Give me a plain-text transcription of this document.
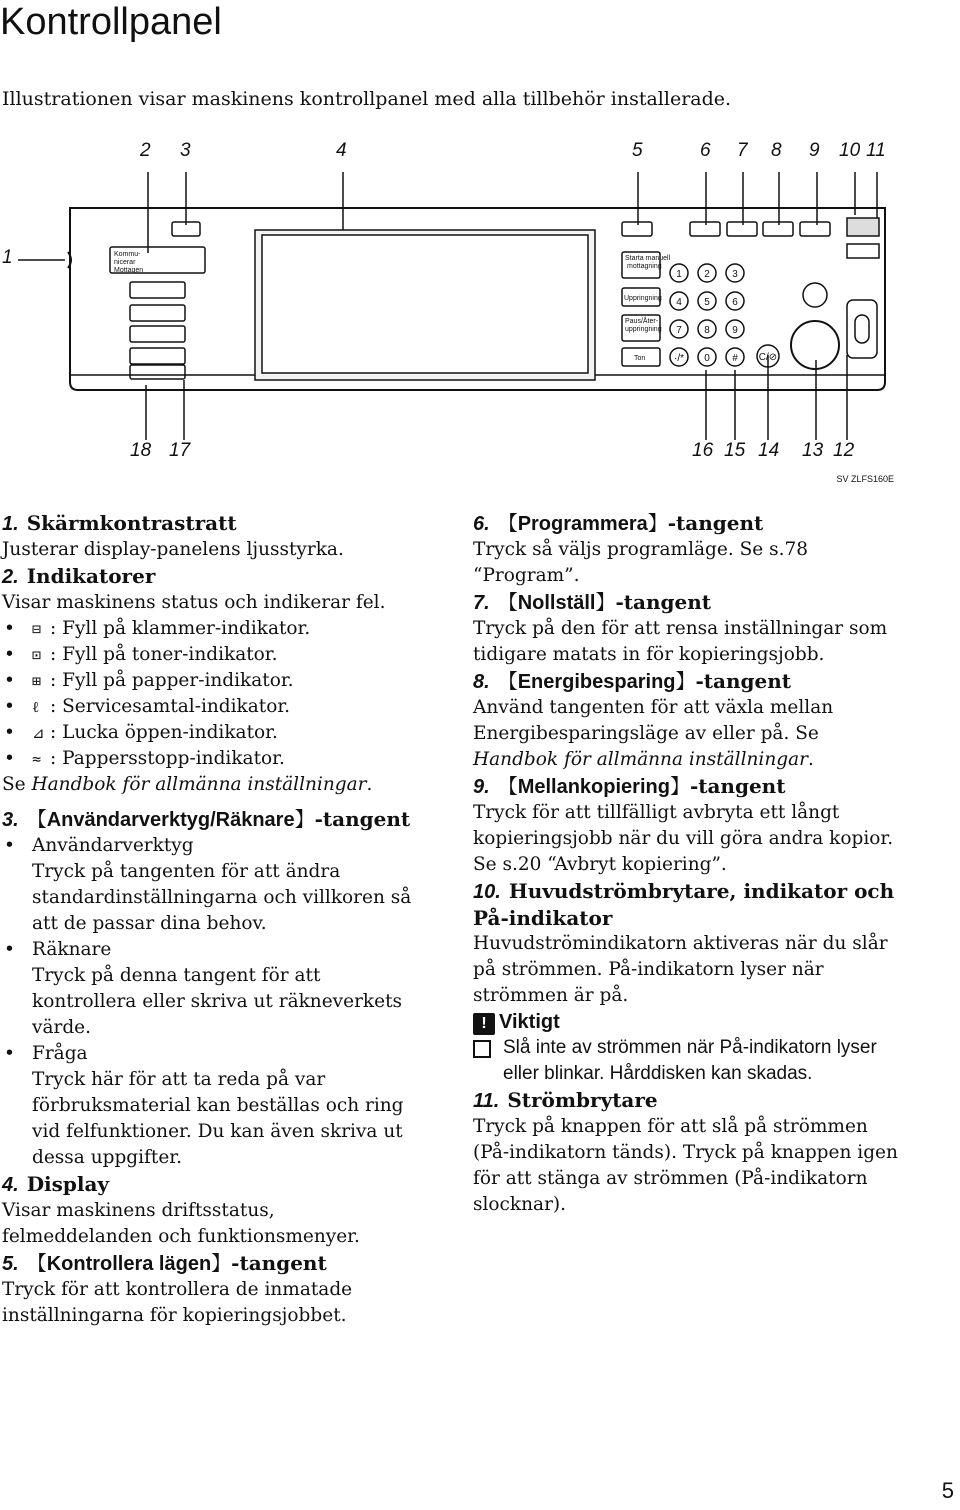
Kontrollpanel
Illustrationen visar maskinens kontrollpanel med alla tillbehör installerade.
2 3	4	5	6 7 8 9 10 11
1
18 17	16 15 14 13 12
Kommu-
nicerar
Mottagen
Starta manuell
mottagning
Uppringning
Paus/Åter-
uppringning
Ton
1 2 3
4 5 6
7 8 9
·/* 0 # C/⊘
SV ZLFS160E

1. Skärmkontrastratt

Justerar display-panelens ljusstyrka.

2. Indikatorer

Visar maskinens status och indikerar fel.

• ⊟ : Fyll på klammer-indikator.

• ⊡ : Fyll på toner-indikator.

• ⊞ : Fyll på papper-indikator.

• ℓ : Servicesamtal-indikator.

• ⊿ : Lucka öppen-indikator.

• ≈ : Pappersstopp-indikator.

Se Handbok för allmänna inställningar.

3. 【Användarverktyg/Räknare】-tangent

• Användarverktyg

Tryck på tangenten för att ändra standardinställningarna och villkoren så att de passar dina behov.

• Räknare

Tryck på denna tangent för att kontrollera eller skriva ut räkneverkets värde.

• Fråga

Tryck här för att ta reda på var förbruksmaterial kan beställas och ring vid felfunktioner. Du kan även skriva ut dessa uppgifter.

4. Display

Visar maskinens driftsstatus, felmeddelanden och funktionsmenyer.

5. 【Kontrollera lägen】-tangent

Tryck för att kontrollera de inmatade inställningarna för kopieringsjobbet.

6. 【Programmera】-tangent

Tryck så väljs programläge. Se s.78 “Program”.

7. 【Nollställ】-tangent

Tryck på den för att rensa inställningar som tidigare matats in för kopieringsjobb.

8. 【Energibesparing】-tangent

Använd tangenten för att växla mellan Energibesparingsläge av eller på. Se

Handbok för allmänna inställningar.

9. 【Mellankopiering】-tangent

Tryck för att tillfälligt avbryta ett långt kopieringsjobb när du vill göra andra kopior. Se s.20 “Avbryt kopiering”.

10. Huvudströmbrytare, indikator och På-indikator

Huvudströmindikatorn aktiveras när du slår på strömmen. På-indikatorn lyser när strömmen är på.

! Viktigt

Slå inte av strömmen när På-indikatorn lyser eller blinkar. Hårddisken kan skadas.

11. Strömbrytare

Tryck på knappen för att slå på strömmen (På-indikatorn tänds). Tryck på knappen igen för att stänga av strömmen (På-indikatorn slocknar).

5
